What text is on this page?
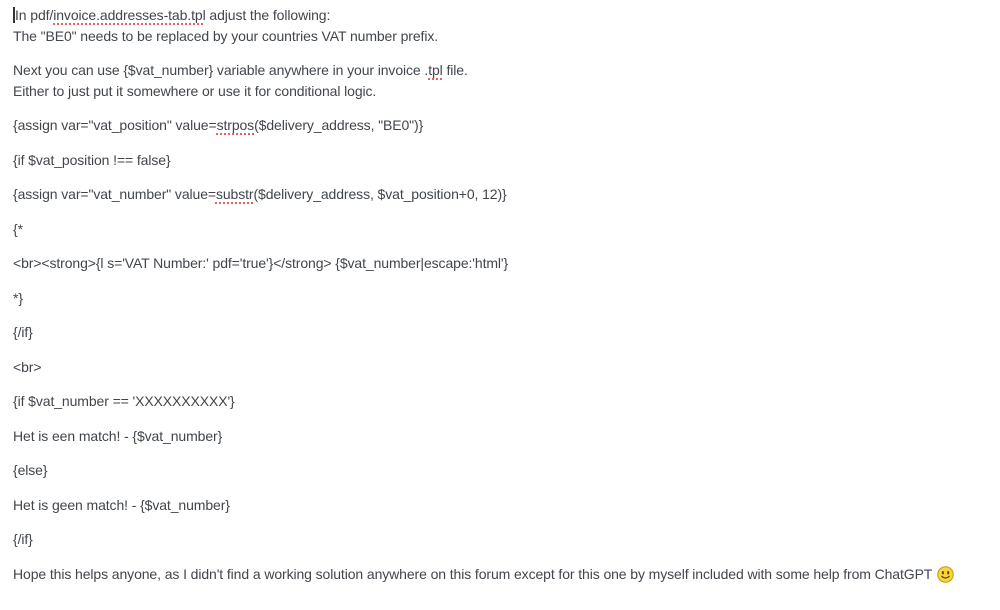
In pdf/invoice.addresses-tab.tpl adjust the following:
The "BE0" needs to be replaced by your countries VAT number prefix.

Next you can use {$vat_number} variable anywhere in your invoice .tpl file.
Either to just put it somewhere or use it for conditional logic.

{assign var="vat_position" value=strpos($delivery_address, "BE0")}

{if $vat_position !== false}

{assign var="vat_number" value=substr($delivery_address, $vat_position+0, 12)}

{*

<br><strong>{l s='VAT Number:' pdf='true'}</strong> {$vat_number|escape:'html'}

*}

{/if}

<br>

{if $vat_number == 'XXXXXXXXXX'}

Het is een match! - {$vat_number}

{else}

Het is geen match! - {$vat_number}

{/if}

Hope this helps anyone, as I didn't find a working solution anywhere on this forum except for this one by myself included with some help from ChatGPT
